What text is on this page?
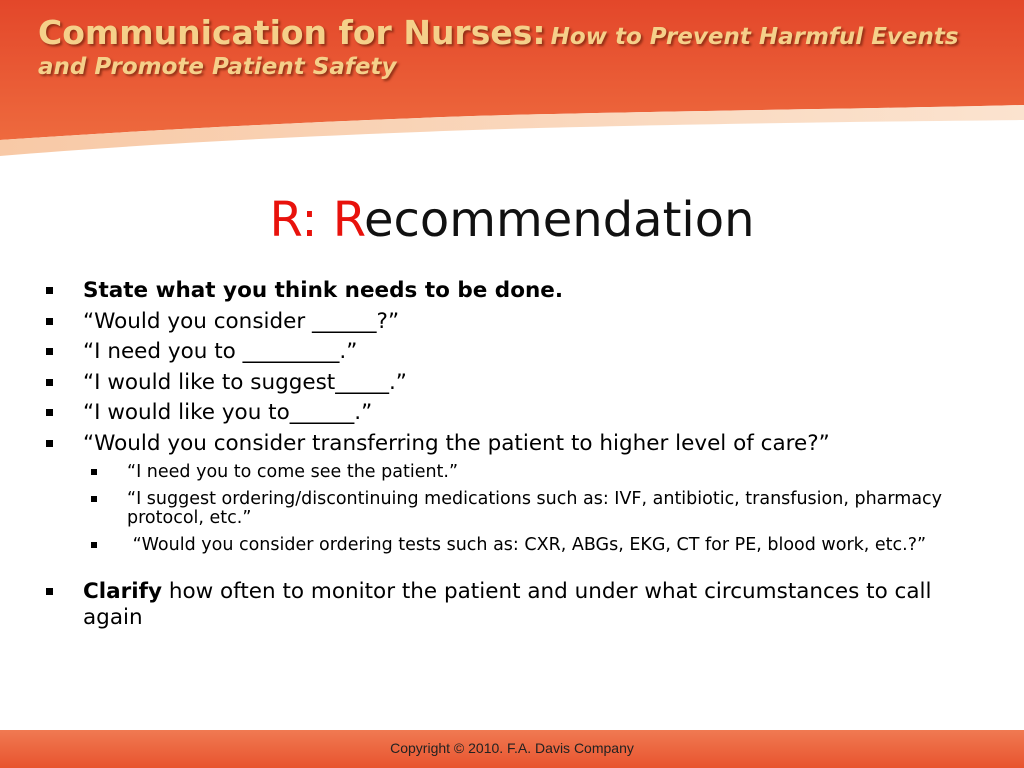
Communication for Nurses: How to Prevent Harmful Events
and Promote Patient Safety
R: Recommendation
State what you think needs to be done.
“Would you consider ______?”
“I need you to _________.”
“I would like to suggest_____.”
“I would like you to______.”
“Would you consider transferring the patient to higher level of care?”
“I need you to come see the patient.”
“I suggest ordering/discontinuing medications such as: IVF, antibiotic, transfusion, pharmacy protocol, etc.”
“Would you consider ordering tests such as: CXR, ABGs, EKG, CT for PE, blood work, etc.?”
Clarify how often to monitor the patient and under what circumstances to call again
Copyright © 2010. F.A. Davis Company
